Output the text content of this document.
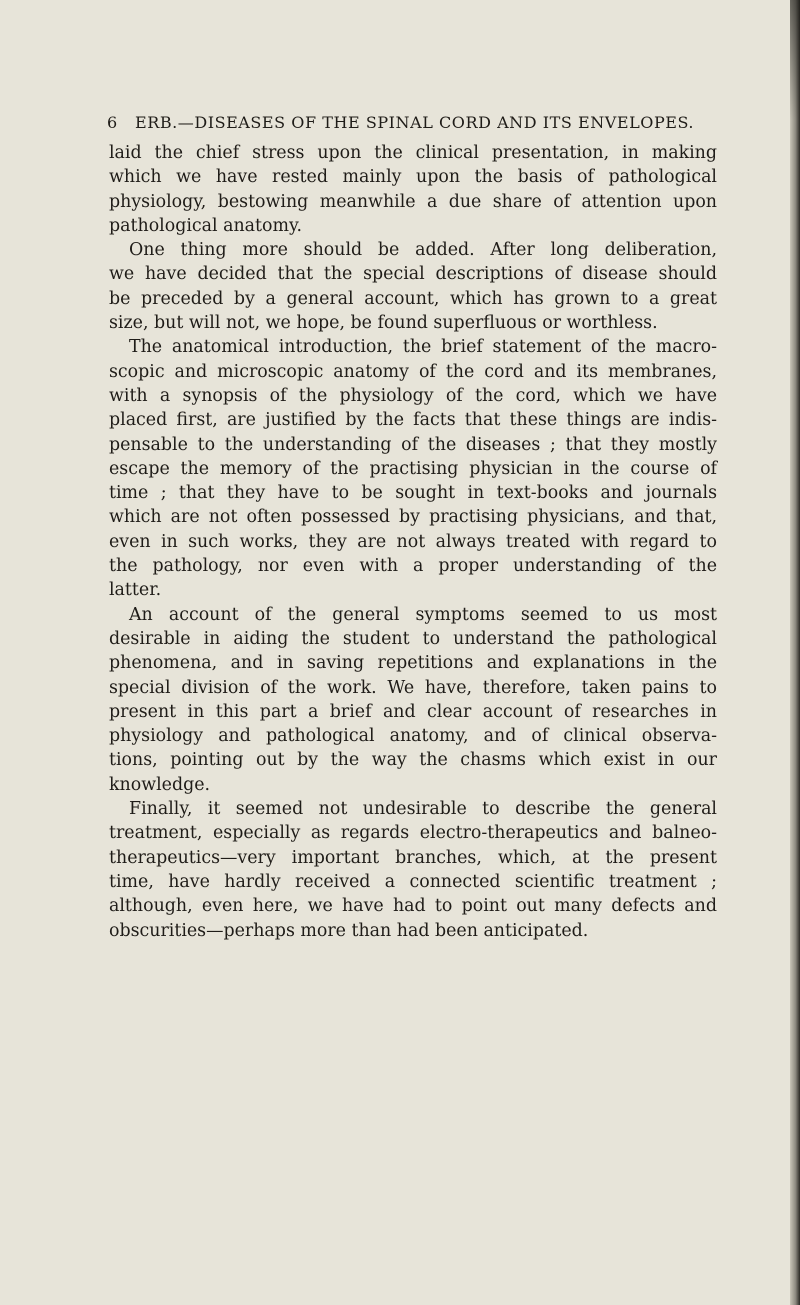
6 ERB.—DISEASES OF THE SPINAL CORD AND ITS ENVELOPES.
laid the chief stress upon the clinical presentation, in making
which we have rested mainly upon the basis of pathological
physiology, bestowing meanwhile a due share of attention upon
pathological anatomy.
One thing more should be added. After long deliberation,
we have decided that the special descriptions of disease should
be preceded by a general account, which has grown to a great
size, but will not, we hope, be found superfluous or worthless.
The anatomical introduction, the brief statement of the macro-
scopic and microscopic anatomy of the cord and its membranes,
with a synopsis of the physiology of the cord, which we have
placed first, are justified by the facts that these things are indis-
pensable to the understanding of the diseases ; that they mostly
escape the memory of the practising physician in the course of
time ; that they have to be sought in text-books and journals
which are not often possessed by practising physicians, and that,
even in such works, they are not always treated with regard to
the pathology, nor even with a proper understanding of the
latter.
An account of the general symptoms seemed to us most
desirable in aiding the student to understand the pathological
phenomena, and in saving repetitions and explanations in the
special division of the work. We have, therefore, taken pains to
present in this part a brief and clear account of researches in
physiology and pathological anatomy, and of clinical observa-
tions, pointing out by the way the chasms which exist in our
knowledge.
Finally, it seemed not undesirable to describe the general
treatment, especially as regards electro-therapeutics and balneo-
therapeutics—very important branches, which, at the present
time, have hardly received a connected scientific treatment ;
although, even here, we have had to point out many defects and
obscurities—perhaps more than had been anticipated.
